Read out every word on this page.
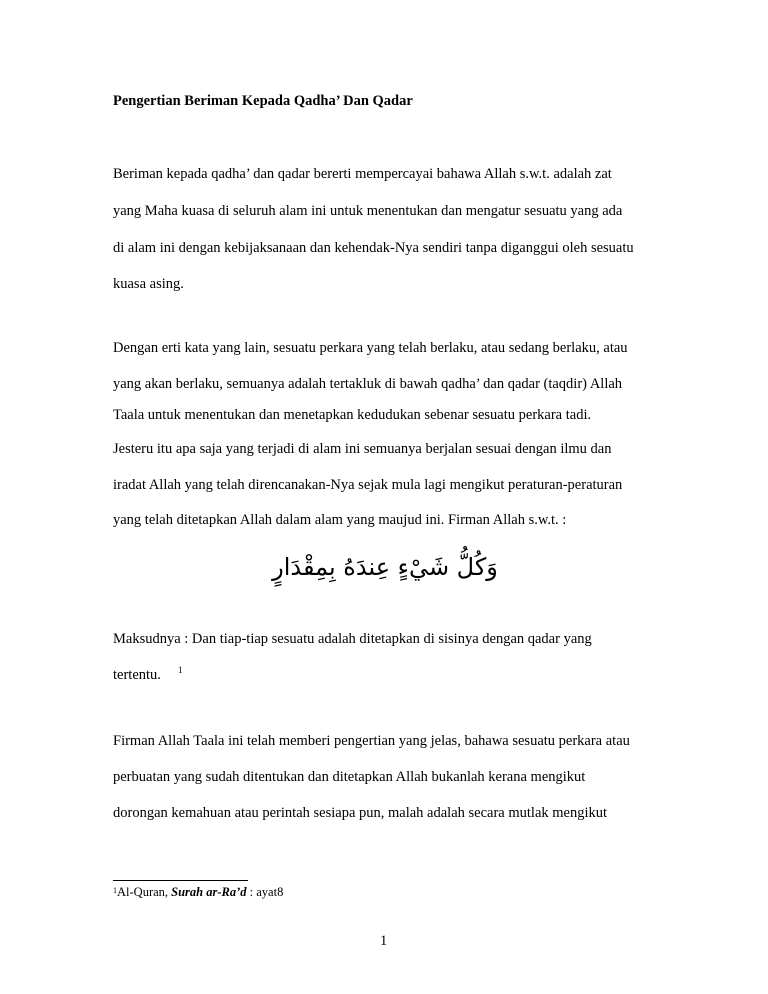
Pengertian Beriman Kepada Qadha’ Dan Qadar
Beriman kepada qadha’ dan qadar bererti mempercayai bahawa Allah s.w.t. adalah zat
yang Maha kuasa di seluruh alam ini untuk menentukan dan mengatur sesuatu yang ada
di alam ini dengan kebijaksanaan dan kehendak-Nya sendiri tanpa diganggui oleh sesuatu
kuasa asing.
Dengan erti kata yang lain, sesuatu perkara yang telah berlaku, atau sedang berlaku, atau
yang akan berlaku, semuanya adalah tertakluk di bawah qadha’ dan qadar (taqdir) Allah
Taala untuk menentukan dan menetapkan kedudukan sebenar sesuatu perkara tadi.
Jesteru itu apa saja yang terjadi di alam ini semuanya berjalan sesuai dengan ilmu dan
iradat Allah yang telah direncanakan-Nya sejak mula lagi mengikut peraturan-peraturan
yang telah ditetapkan Allah dalam alam yang maujud ini. Firman Allah s.w.t. :
وَكُلُّ شَيْءٍ عِندَهُ بِمِقْدَارٍ
Maksudnya : Dan tiap-tiap sesuatu adalah ditetapkan di sisinya dengan qadar yang
tertentu. 1
Firman Allah Taala ini telah memberi pengertian yang jelas, bahawa sesuatu perkara atau
perbuatan yang sudah ditentukan dan ditetapkan Allah bukanlah kerana mengikut
dorongan kemahuan atau perintah sesiapa pun, malah adalah secara mutlak mengikut
$^1$Al-Quran, Surah ar-Ra’d : ayat8
1
